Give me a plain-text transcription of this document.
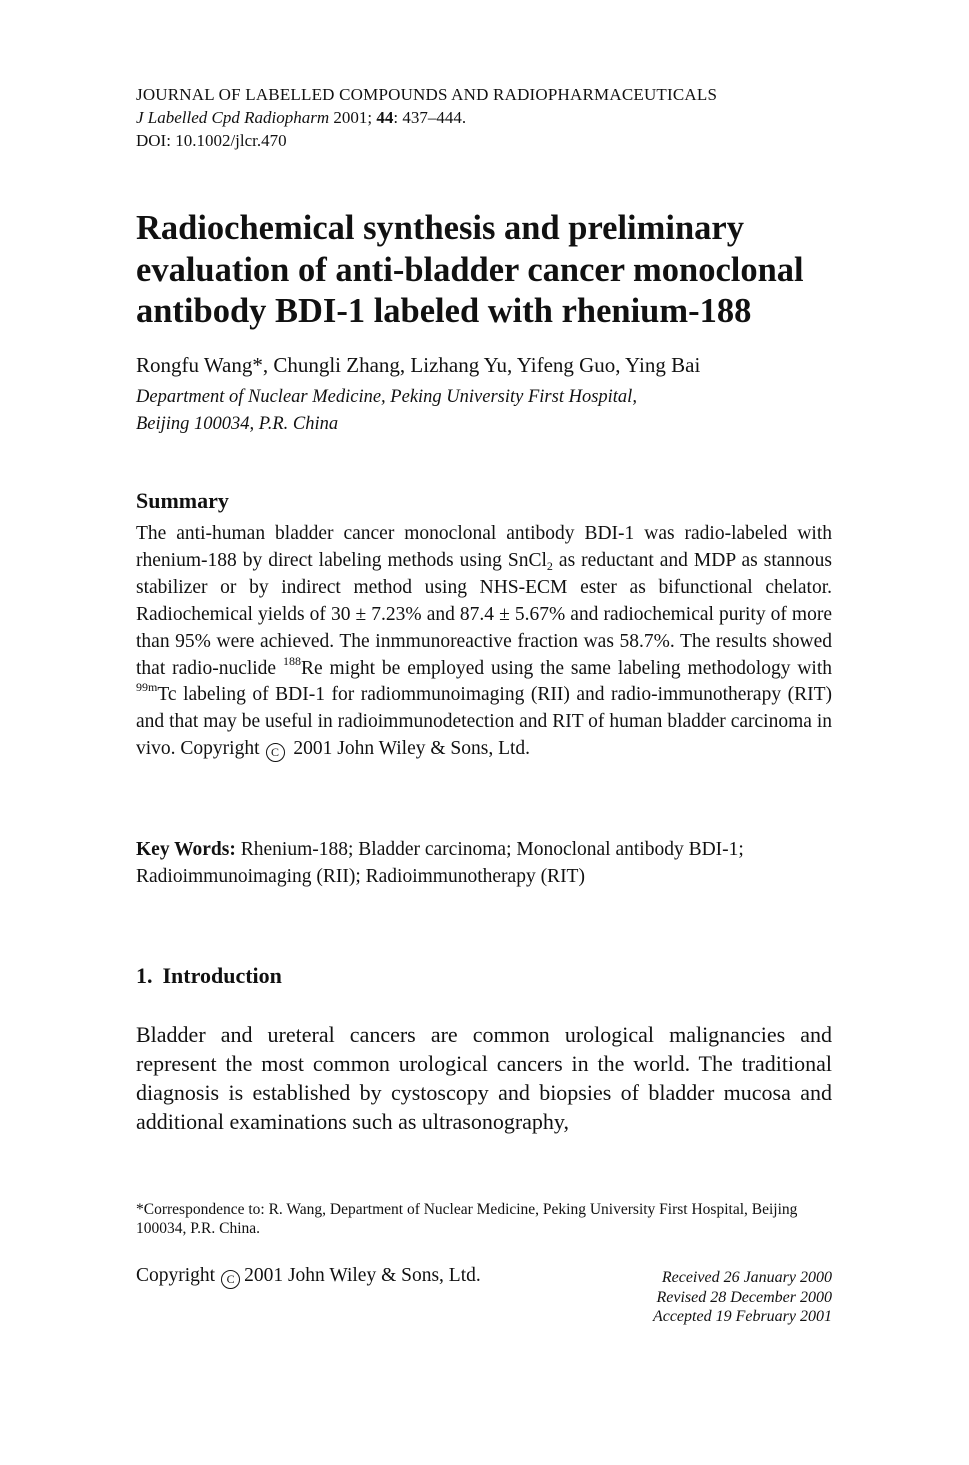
JOURNAL OF LABELLED COMPOUNDS AND RADIOPHARMACEUTICALS
J Labelled Cpd Radiopharm 2001; 44: 437–444.
DOI: 10.1002/jlcr.470
Radiochemical synthesis and preliminary
evaluation of anti-bladder cancer monoclonal
antibody BDI-1 labeled with rhenium-188
Rongfu Wang*, Chungli Zhang, Lizhang Yu, Yifeng Guo, Ying Bai
Department of Nuclear Medicine, Peking University First Hospital,
Beijing 100034, P.R. China
Summary

The anti-human bladder cancer monoclonal antibody BDI-1 was radio-labeled with rhenium-188 by direct labeling methods using SnCl$_2$ as reductant and MDP as stannous stabilizer or by indirect method using NHS-ECM ester as bifunctional chelator. Radiochemical yields of 30 ± 7.23% and 87.4 ± 5.67% and radiochemical purity of more than 95% were achieved. The inmmunoreactive fraction was 58.7%. The results showed that radio-nuclide $^{188}$Re might be employed using the same labeling methodology with $^{99m}$Tc labeling of BDI-1 for radiommunoimaging (RII) and radio-immunotherapy (RIT) and that may be useful in radioimmunodetection and RIT of human bladder carcinoma in vivo. Copyright C 2001 John Wiley & Sons, Ltd.

Key Words: Rhenium-188; Bladder carcinoma; Monoclonal antibody BDI-1; Radioimmunoimaging (RII); Radioimmunotherapy (RIT)

1. Introduction

Bladder and ureteral cancers are common urological malignancies and represent the most common urological cancers in the world. The traditional diagnosis is established by cystoscopy and biopsies of bladder mucosa and additional examinations such as ultrasonography,

*Correspondence to: R. Wang, Department of Nuclear Medicine, Peking University First Hospital, Beijing 100034, P.R. China.

Copyright C 2001 John Wiley & Sons, Ltd.	Received 26 January 2000
Revised 28 December 2000
Accepted 19 February 2001
